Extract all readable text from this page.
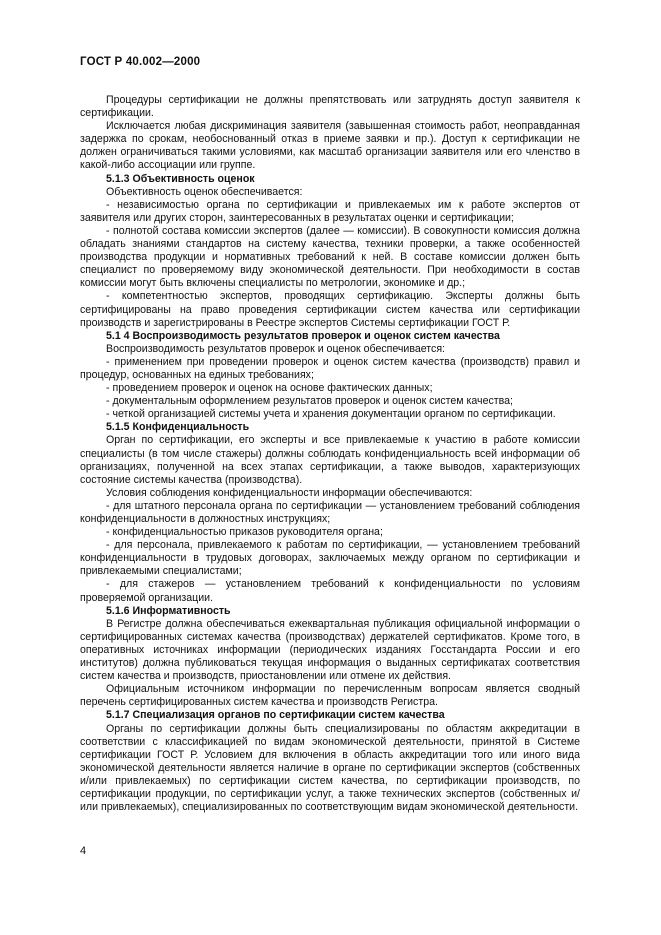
ГОСТ Р 40.002—2000

Процедуры сертификации не должны препятствовать или затруднять доступ заявителя к сертификации.

Исключается любая дискриминация заявителя (завышенная стоимость работ, неоправданная задержка по срокам, необоснованный отказ в приеме заявки и пр.). Доступ к сертификации не должен ограничиваться такими условиями, как масштаб организации заявителя или его членство в какой-либо ассоциации или группе.

5.1.3 Объективность оценок

Объективность оценок обеспечивается:

- независимостью органа по сертификации и привлекаемых им к работе экспертов от заявителя или других сторон, заинтересованных в результатах оценки и сертификации;

- полнотой состава комиссии экспертов (далее — комиссии). В совокупности комиссия должна обладать знаниями стандартов на систему качества, техники проверки, а также особенностей производства продукции и нормативных требований к ней. В составе комиссии должен быть специалист по проверяемому виду экономической деятельности. При необходимости в состав комиссии могут быть включены специалисты по метрологии, экономике и др.;

- компетентностью экспертов, проводящих сертификацию. Эксперты должны быть сертифицированы на право проведения сертификации систем качества или сертификации производств и зарегистрированы в Реестре экспертов Системы сертификации ГОСТ Р.

5.1 4 Воспроизводимость результатов проверок и оценок систем качества

Воспроизводимость результатов проверок и оценок обеспечивается:

- применением при проведении проверок и оценок систем качества (производств) правил и процедур, основанных на единых требованиях;

- проведением проверок и оценок на основе фактических данных;

- документальным оформлением результатов проверок и оценок систем качества;

- четкой организацией системы учета и хранения документации органом по сертификации.

5.1.5 Конфиденциальность

Орган по сертификации, его эксперты и все привлекаемые к участию в работе комиссии специалисты (в том числе стажеры) должны соблюдать конфиденциальность всей информации об организациях, полученной на всех этапах сертификации, а также выводов, характеризующих состояние системы качества (производства).

Условия соблюдения конфиденциальности информации обеспечиваются:

- для штатного персонала органа по сертификации — установлением требований соблюдения конфиденциальности в должностных инструкциях;

- конфиденциальностью приказов руководителя органа;

- для персонала, привлекаемого к работам по сертификации, — установлением требований конфиденциальности в трудовых договорах, заключаемых между органом по сертификации и привлекаемыми специалистами;

- для стажеров — установлением требований к конфиденциальности по условиям проверяемой организации.

5.1.6 Информативность

В Регистре должна обеспечиваться ежеквартальная публикация официальной информации о сертифицированных системах качества (производствах) держателей сертификатов. Кроме того, в оперативных источниках информации (периодических изданиях Госстандарта России и его институтов) должна публиковаться текущая информация о выданных сертификатах соответствия систем качества и производств, приостановлении или отмене их действия.

Официальным источником информации по перечисленным вопросам является сводный перечень сертифицированных систем качества и производств Регистра.

5.1.7 Специализация органов по сертификации систем качества

Органы по сертификации должны быть специализированы по областям аккредитации в соответствии с классификацией по видам экономической деятельности, принятой в Системе сертификации ГОСТ Р. Условием для включения в область аккредитации того или иного вида экономической деятельности является наличие в органе по сертификации экспертов (собственных и/или привлекаемых) по сертификации систем качества, по сертификации производств, по сертификации продукции, по сертификации услуг, а также технических экспертов (собственных и/или привлекаемых), специализированных по соответствующим видам экономической деятельности.

4
